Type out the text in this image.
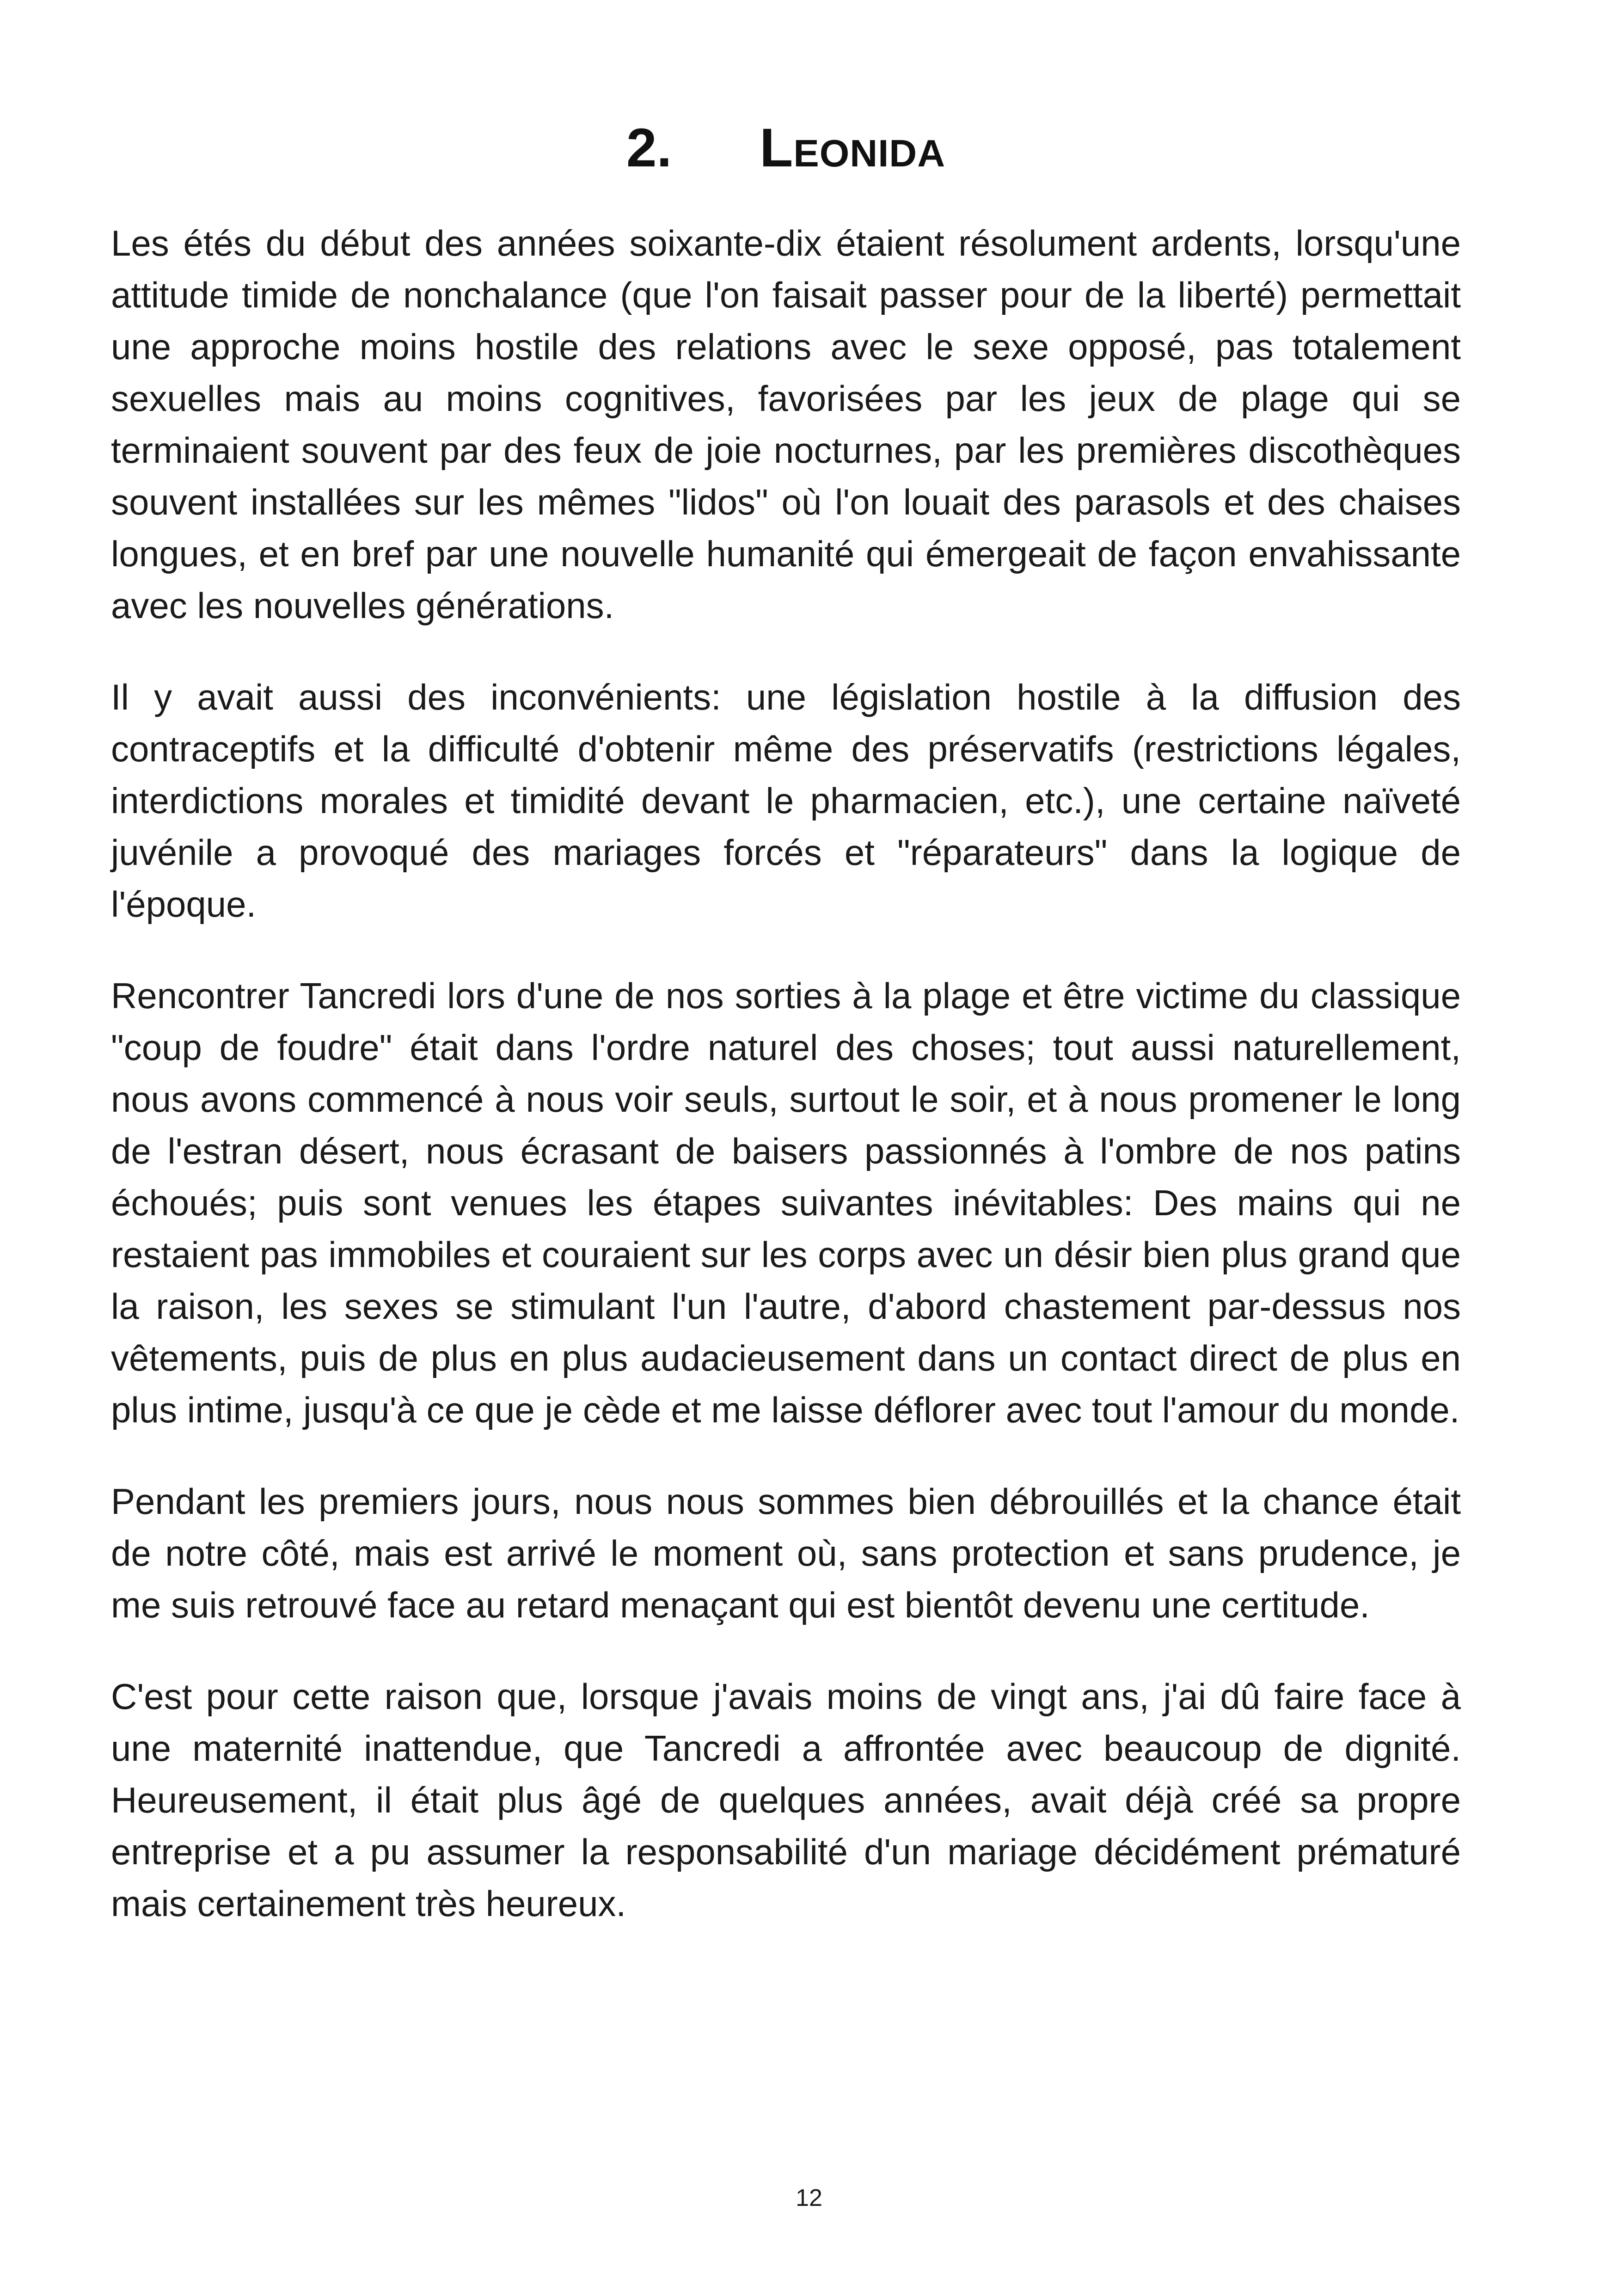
2. Leonida

Les étés du début des années soixante-dix étaient résolument ardents, lorsqu'une attitude timide de nonchalance (que l'on faisait passer pour de la liberté) permettait une approche moins hostile des relations avec le sexe opposé, pas totalement sexuelles mais au moins cognitives, favorisées par les jeux de plage qui se terminaient souvent par des feux de joie nocturnes, par les premières discothèques souvent installées sur les mêmes "lidos" où l'on louait des parasols et des chaises longues, et en bref par une nouvelle humanité qui émergeait de façon envahissante avec les nouvelles générations.

Il y avait aussi des inconvénients: une législation hostile à la diffusion des contraceptifs et la difficulté d'obtenir même des préservatifs (restrictions légales, interdictions morales et timidité devant le pharmacien, etc.), une certaine naïveté juvénile a provoqué des mariages forcés et "réparateurs" dans la logique de l'époque.

Rencontrer Tancredi lors d'une de nos sorties à la plage et être victime du classique "coup de foudre" était dans l'ordre naturel des choses; tout aussi naturellement, nous avons commencé à nous voir seuls, surtout le soir, et à nous promener le long de l'estran désert, nous écrasant de baisers passionnés à l'ombre de nos patins échoués; puis sont venues les étapes suivantes inévitables: Des mains qui ne restaient pas immobiles et couraient sur les corps avec un désir bien plus grand que la raison, les sexes se stimulant l'un l'autre, d'abord chastement par-dessus nos vêtements, puis de plus en plus audacieusement dans un contact direct de plus en plus intime, jusqu'à ce que je cède et me laisse déflorer avec tout l'amour du monde.

Pendant les premiers jours, nous nous sommes bien débrouillés et la chance était de notre côté, mais est arrivé le moment où, sans protection et sans prudence, je me suis retrouvé face au retard menaçant qui est bientôt devenu une certitude.

C'est pour cette raison que, lorsque j'avais moins de vingt ans, j'ai dû faire face à une maternité inattendue, que Tancredi a affrontée avec beaucoup de dignité. Heureusement, il était plus âgé de quelques années, avait déjà créé sa propre entreprise et a pu assumer la responsabilité d'un mariage décidément prématuré mais certainement très heureux.

12
